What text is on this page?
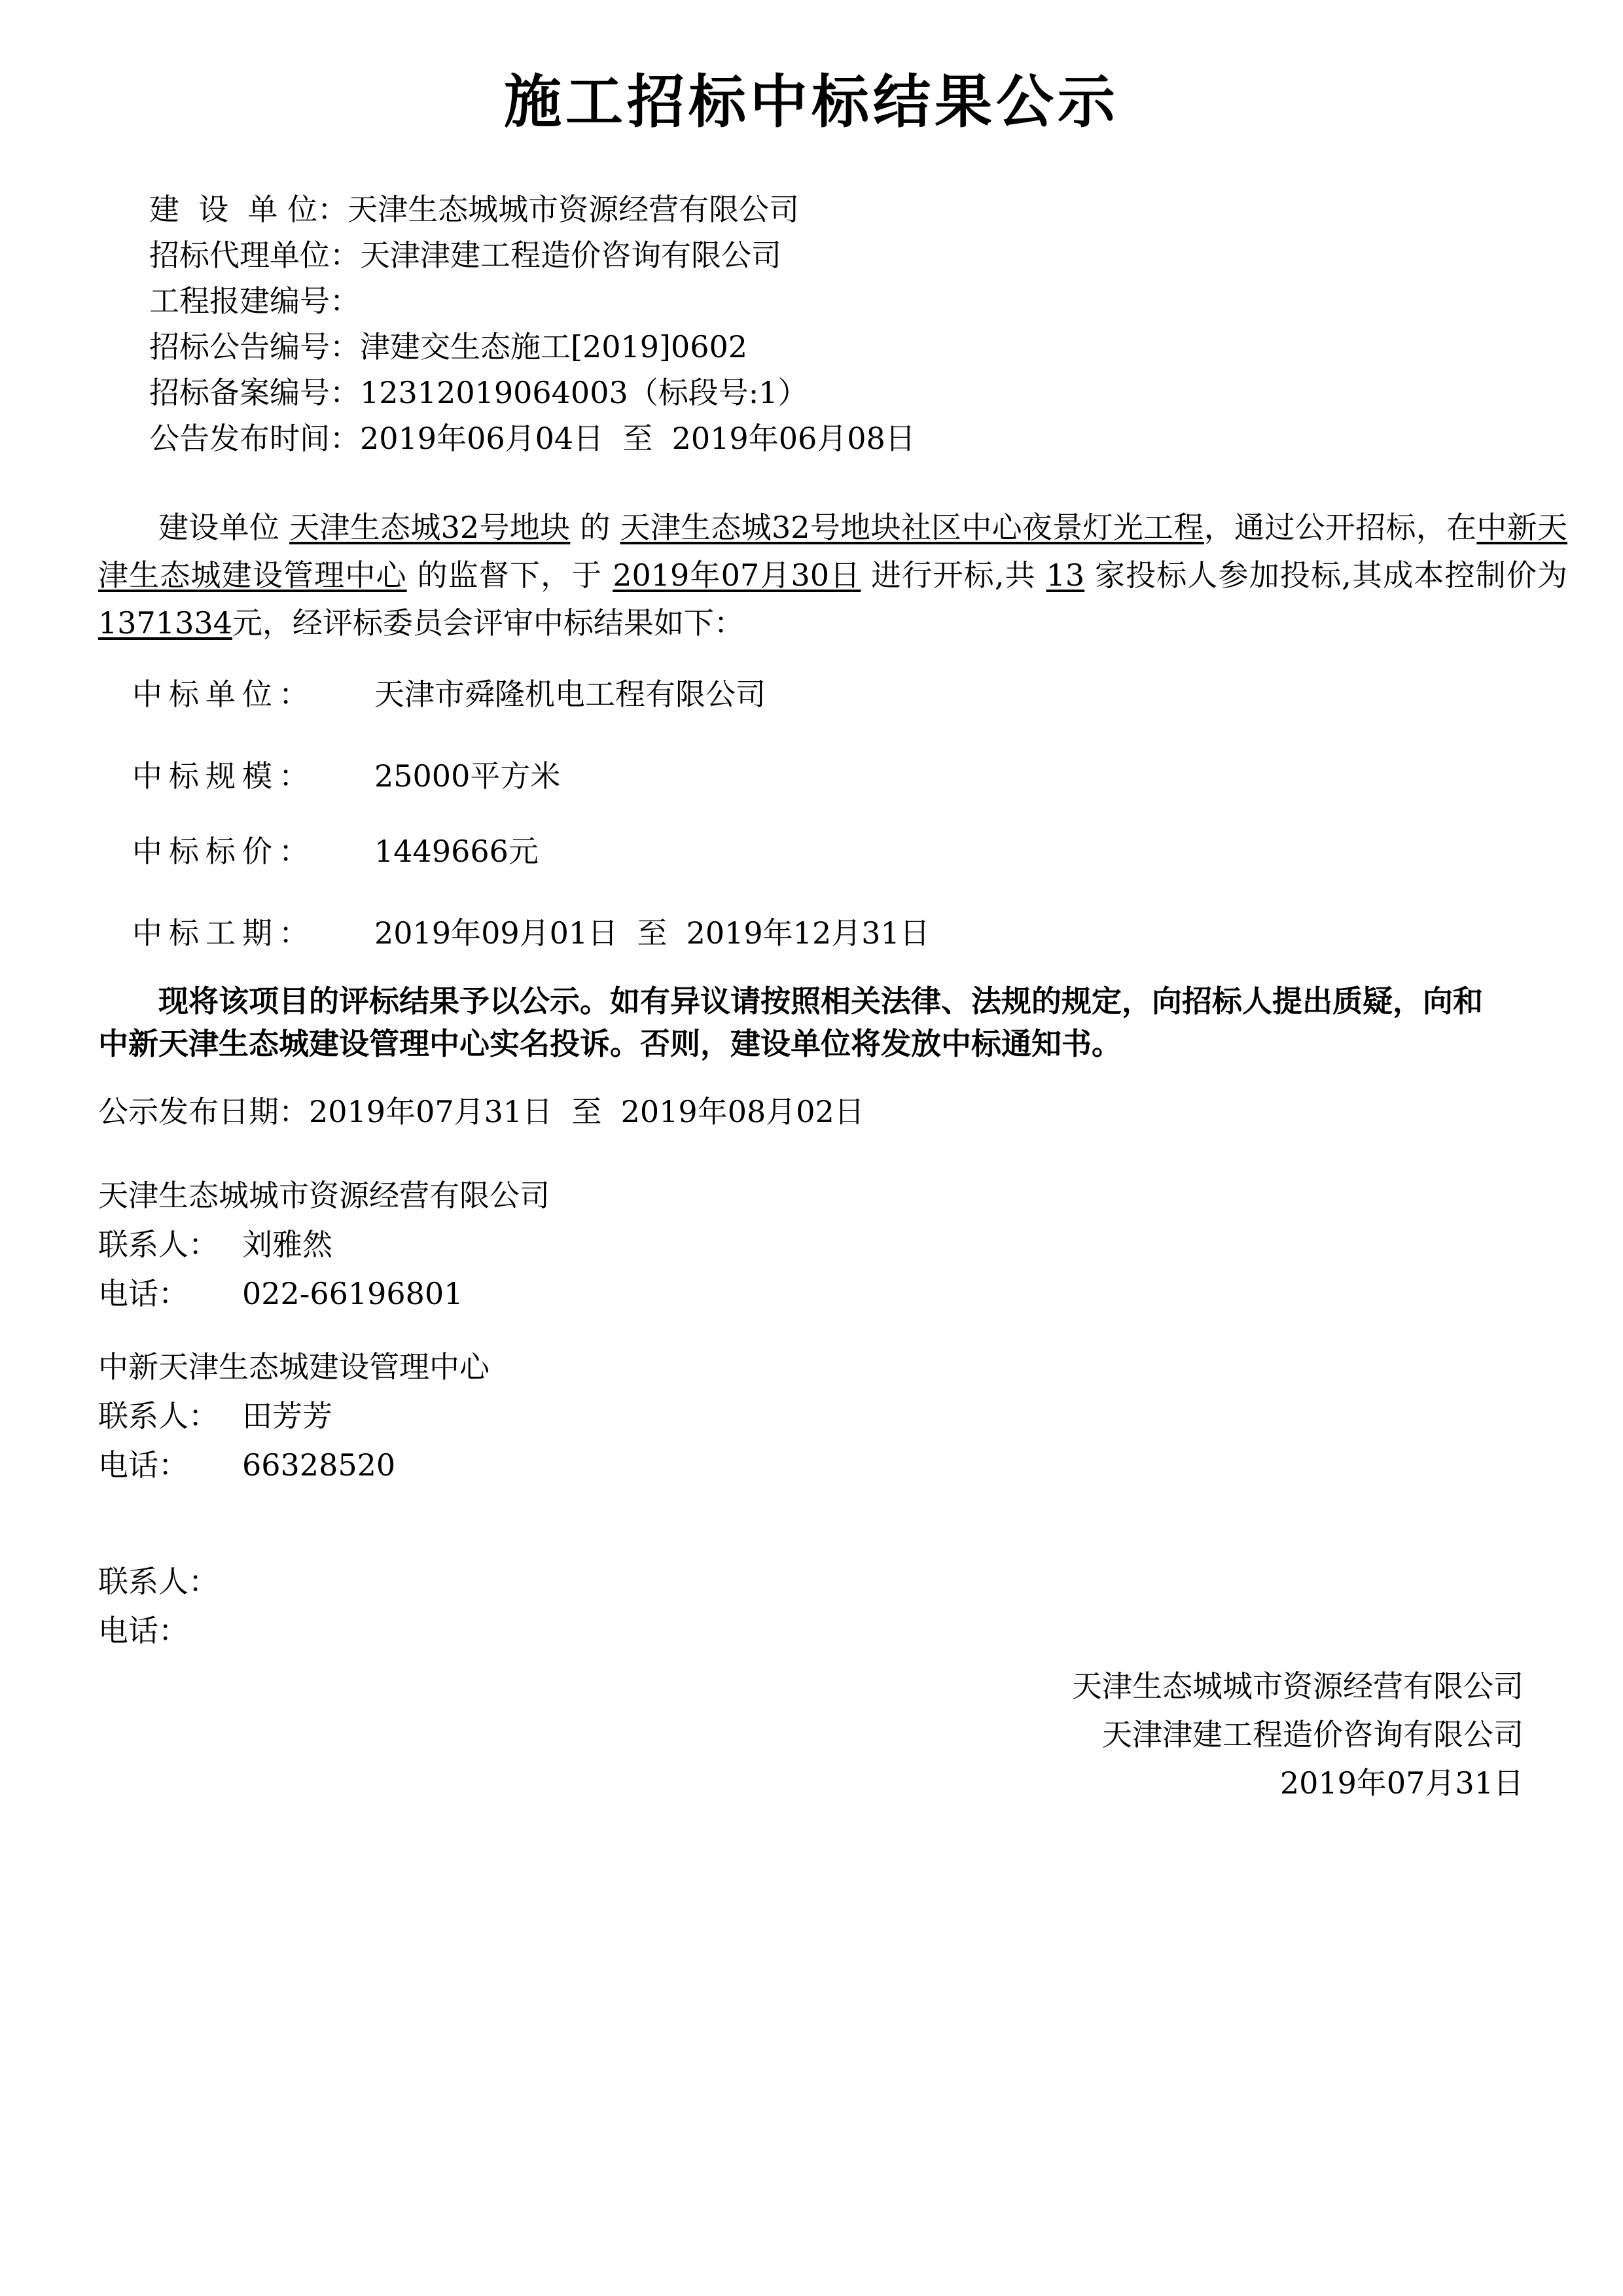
施工招标中标结果公示
建  设  单 位：天津生态城城市资源经营有限公司
招标代理单位：天津津建工程造价咨询有限公司
工程报建编号：
招标公告编号：津建交生态施工[2019]0602
招标备案编号：12312019064003（标段号:1）
公告发布时间：2019年06月04日  至  2019年06月08日
建设单位 天津生态城32号地块 的 天津生态城32号地块社区中心夜景灯光工程，通过公开招标，在中新天津生态城建设管理中心 的监督下，于 2019年07月30日 进行开标,共 13 家投标人参加投标,其成本控制价为1371334元，经评标委员会评审中标结果如下：
中标单位： 天津市舜隆机电工程有限公司
中标规模： 25000平方米
中标标价： 1449666元
中标工期： 2019年09月01日  至  2019年12月31日
现将该项目的评标结果予以公示。如有异议请按照相关法律、法规的规定，向招标人提出质疑，向和中新天津生态城建设管理中心实名投诉。否则，建设单位将发放中标通知书。
公示发布日期：2019年07月31日  至  2019年08月02日
天津生态城城市资源经营有限公司
联系人： 刘雅然
电话： 022-66196801
中新天津生态城建设管理中心
联系人： 田芳芳
电话： 66328520
联系人：
电话：
天津生态城城市资源经营有限公司
天津津建工程造价咨询有限公司
2019年07月31日
